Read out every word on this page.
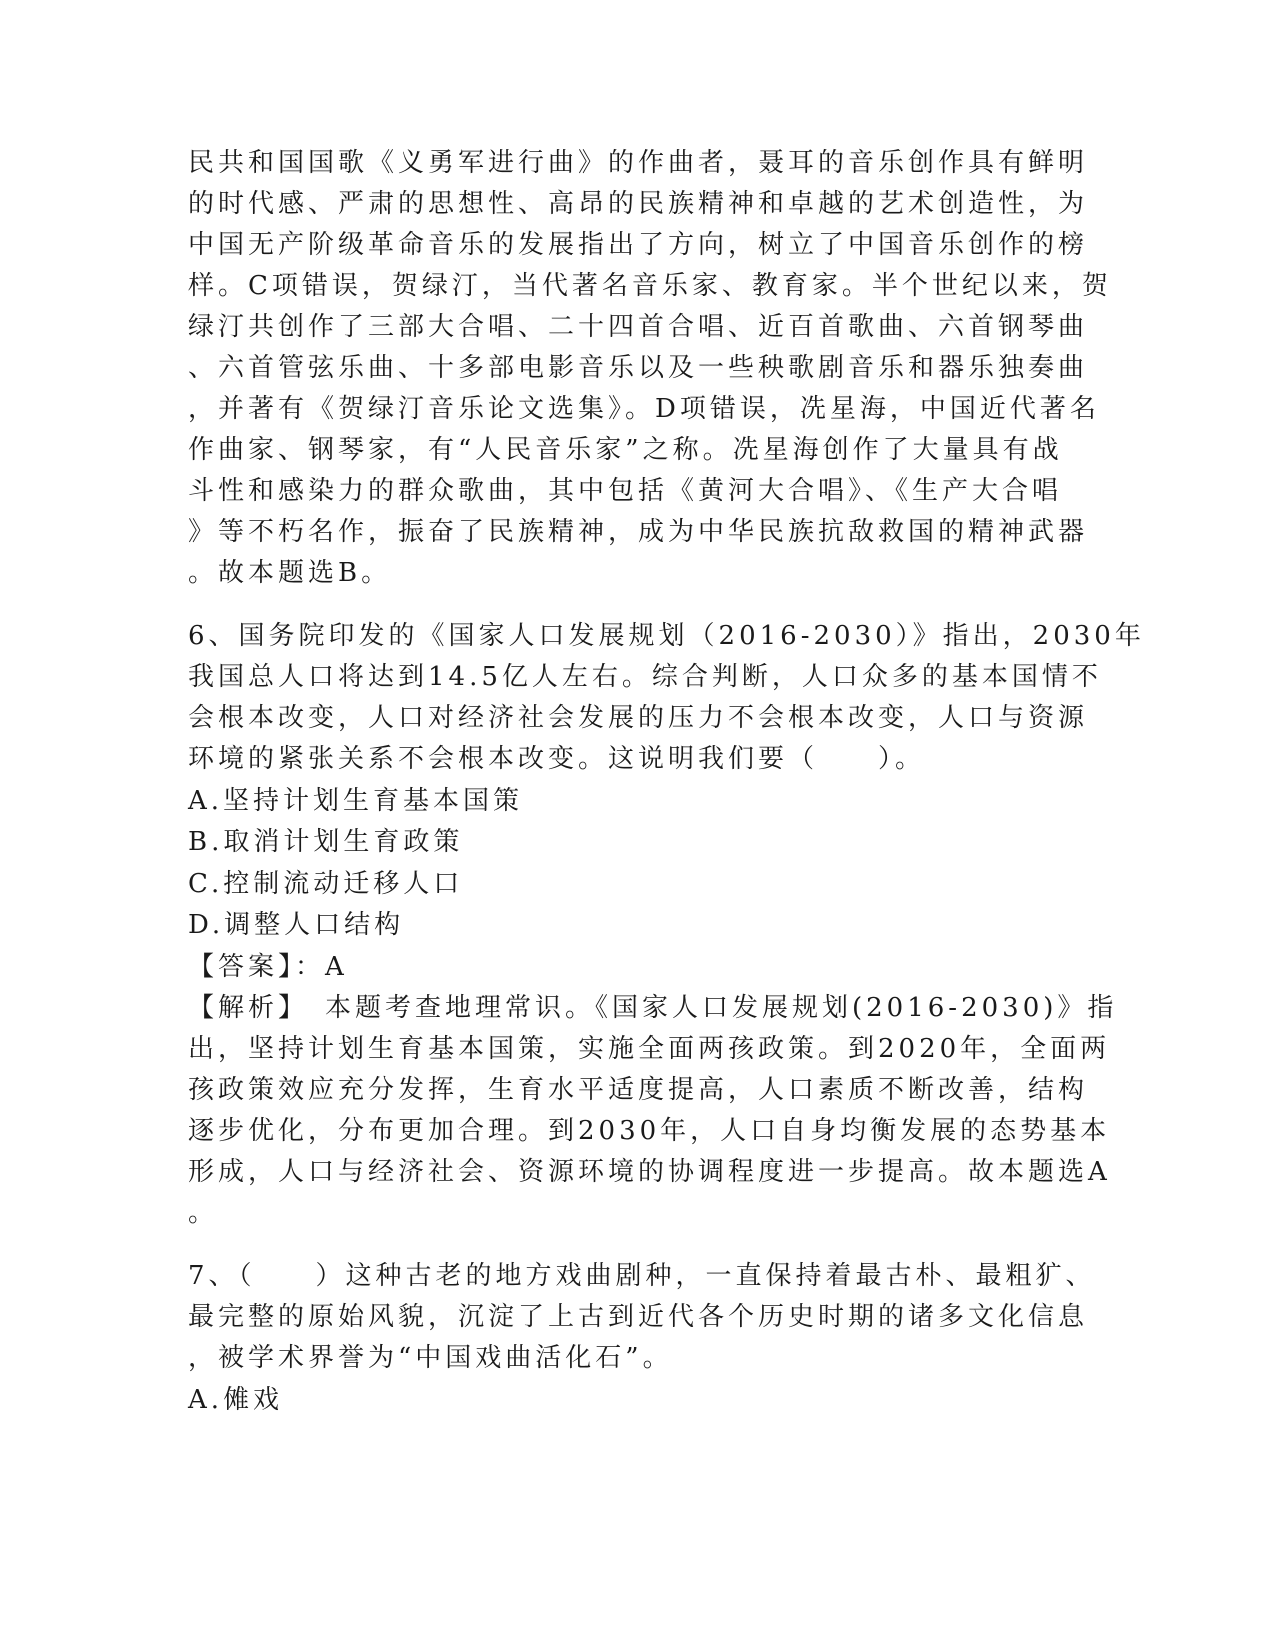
民共和国国歌《义勇军进行曲》的作曲者，聂耳的音乐创作具有鲜明
的时代感、严肃的思想性、高昂的民族精神和卓越的艺术创造性，为
中国无产阶级革命音乐的发展指出了方向，树立了中国音乐创作的榜
样。C项错误，贺绿汀，当代著名音乐家、教育家。半个世纪以来，贺
绿汀共创作了三部大合唱、二十四首合唱、近百首歌曲、六首钢琴曲
、六首管弦乐曲、十多部电影音乐以及一些秧歌剧音乐和器乐独奏曲
，并著有《贺绿汀音乐论文选集》。D项错误，冼星海，中国近代著名
作曲家、钢琴家，有“人民音乐家”之称。冼星海创作了大量具有战
斗性和感染力的群众歌曲，其中包括《黄河大合唱》、《生产大合唱
》等不朽名作，振奋了民族精神，成为中华民族抗敌救国的精神武器
。故本题选B。
6、国务院印发的《国家人口发展规划（2016-2030）》指出，2030年
我国总人口将达到14.5亿人左右。综合判断，人口众多的基本国情不
会根本改变，人口对经济社会发展的压力不会根本改变，人口与资源
环境的紧张关系不会根本改变。这说明我们要（　　）。
A.坚持计划生育基本国策
B.取消计划生育政策
C.控制流动迁移人口
D.调整人口结构
【答案】：A
【解析】　本题考查地理常识。《国家人口发展规划(2016-2030)》指
出，坚持计划生育基本国策，实施全面两孩政策。到2020年，全面两
孩政策效应充分发挥，生育水平适度提高，人口素质不断改善，结构
逐步优化，分布更加合理。到2030年，人口自身均衡发展的态势基本
形成，人口与经济社会、资源环境的协调程度进一步提高。故本题选A
。
7、（　　）这种古老的地方戏曲剧种，一直保持着最古朴、最粗犷、
最完整的原始风貌，沉淀了上古到近代各个历史时期的诸多文化信息
，被学术界誉为“中国戏曲活化石”。
A.傩戏
